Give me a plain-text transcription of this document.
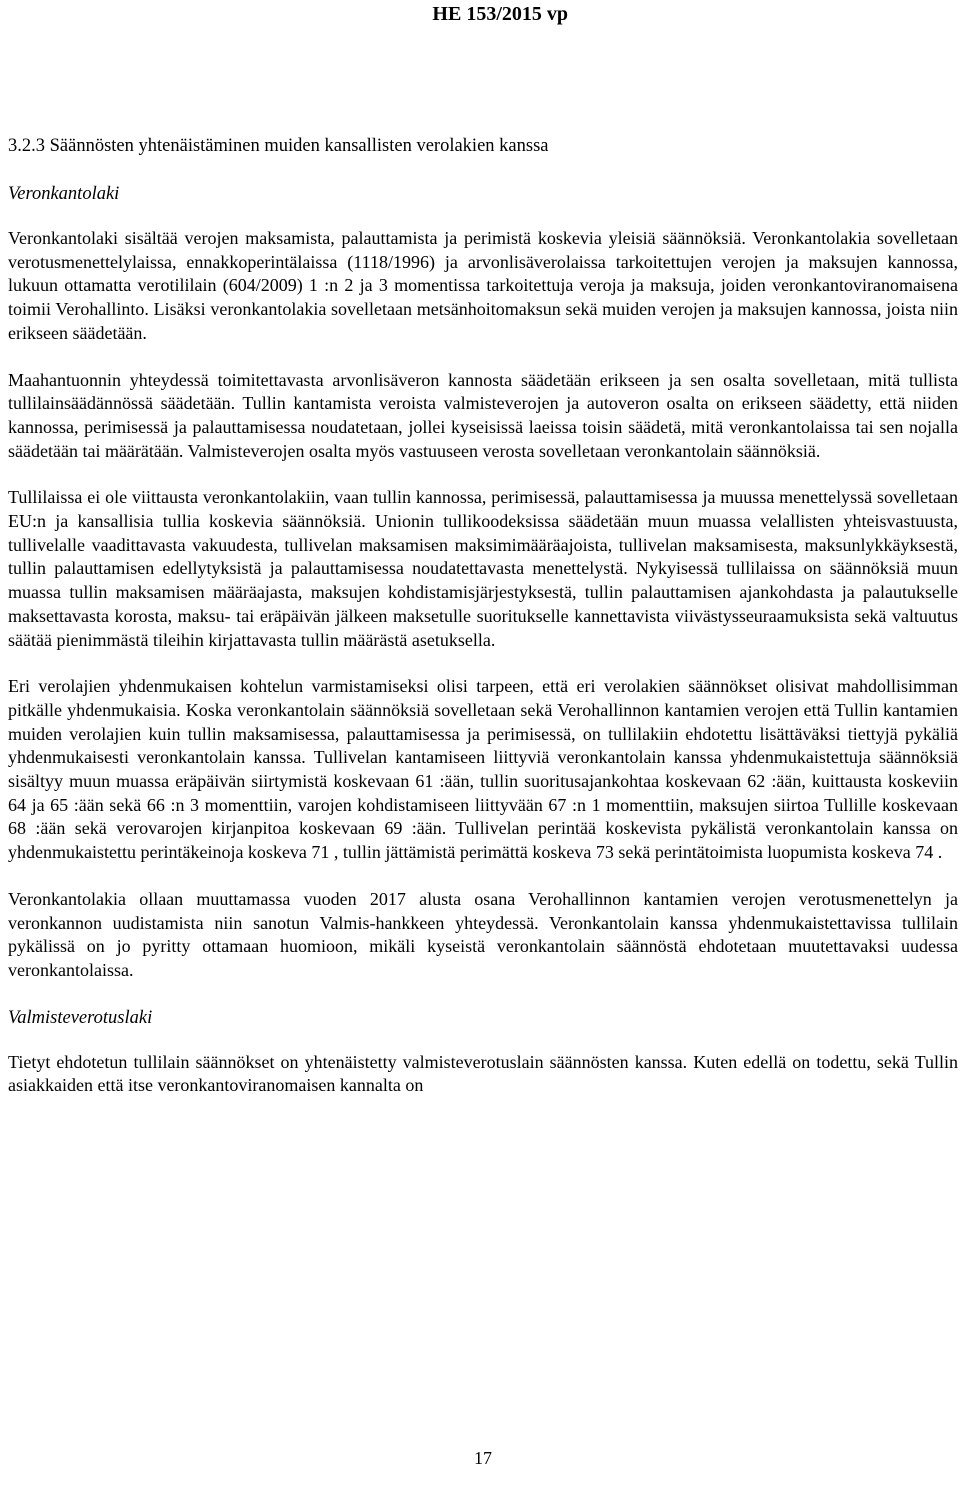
HE 153/2015 vp

3.2.3 Säännösten yhtenäistäminen muiden kansallisten verolakien kanssa
Veronkantolaki

Veronkantolaki sisältää verojen maksamista, palauttamista ja perimistä koskevia yleisiä säännöksiä. Veronkantolakia sovelletaan verotusmenettelylaissa, ennakkoperintälaissa (1118/1996) ja arvonlisäverolaissa tarkoitettujen verojen ja maksujen kannossa, lukuun ottamatta verotililain (604/2009) 1 :n 2 ja 3 momentissa tarkoitettuja veroja ja maksuja, joiden veronkantoviranomaisena toimii Verohallinto. Lisäksi veronkantolakia sovelletaan metsänhoitomaksun sekä muiden verojen ja maksujen kannossa, joista niin erikseen säädetään.

Maahantuonnin yhteydessä toimitettavasta arvonlisäveron kannosta säädetään erikseen ja sen osalta sovelletaan, mitä tullista tullilainsäädännössä säädetään. Tullin kantamista veroista valmisteverojen ja autoveron osalta on erikseen säädetty, että niiden kannossa, perimisessä ja palauttamisessa noudatetaan, jollei kyseisissä laeissa toisin säädetä, mitä veronkantolaissa tai sen nojalla säädetään tai määrätään. Valmisteverojen osalta myös vastuuseen verosta sovelletaan veronkantolain säännöksiä.

Tullilaissa ei ole viittausta veronkantolakiin, vaan tullin kannossa, perimisessä, palauttamisessa ja muussa menettelyssä sovelletaan EU:n ja kansallisia tullia koskevia säännöksiä. Unionin tullikoodeksissa säädetään muun muassa velallisten yhteisvastuusta, tullivelalle vaadittavasta vakuudesta, tullivelan maksamisen maksimimääräajoista, tullivelan maksamisesta, maksunlykkäyksestä, tullin palauttamisen edellytyksistä ja palauttamisessa noudatettavasta menettelystä. Nykyisessä tullilaissa on säännöksiä muun muassa tullin maksamisen määräajasta, maksujen kohdistamisjärjestyksestä, tullin palauttamisen ajankohdasta ja palautukselle maksettavasta korosta, maksu- tai eräpäivän jälkeen maksetulle suoritukselle kannettavista viivästysseuraamuksista sekä valtuutus säätää pienimmästä tileihin kirjattavasta tullin määrästä asetuksella.

Eri verolajien yhdenmukaisen kohtelun varmistamiseksi olisi tarpeen, että eri verolakien säännökset olisivat mahdollisimman pitkälle yhdenmukaisia. Koska veronkantolain säännöksiä sovelletaan sekä Verohallinnon kantamien verojen että Tullin kantamien muiden verolajien kuin tullin maksamisessa, palauttamisessa ja perimisessä, on tullilakiin ehdotettu lisättäväksi tiettyjä pykäliä yhdenmukaisesti veronkantolain kanssa. Tullivelan kantamiseen liittyviä veronkantolain kanssa yhdenmukaistettuja säännöksiä sisältyy muun muassa eräpäivän siirtymistä koskevaan 61 :ään, tullin suoritusajankohtaa koskevaan 62 :ään, kuittausta koskeviin 64 ja 65 :ään sekä 66 :n 3 momenttiin, varojen kohdistamiseen liittyvään 67 :n 1 momenttiin, maksujen siirtoa Tullille koskevaan 68 :ään sekä verovarojen kirjanpitoa koskevaan 69 :ään. Tullivelan perintää koskevista pykälistä veronkantolain kanssa on yhdenmukaistettu perintäkeinoja koskeva 71 , tullin jättämistä perimättä koskeva 73 sekä perintätoimista luopumista koskeva 74 .

Veronkantolakia ollaan muuttamassa vuoden 2017 alusta osana Verohallinnon kantamien verojen verotusmenettelyn ja veronkannon uudistamista niin sanotun Valmis-hankkeen yhteydessä. Veronkantolain kanssa yhdenmukaistettavissa tullilain pykälissä on jo pyritty ottamaan huomioon, mikäli kyseistä veronkantolain säännöstä ehdotetaan muutettavaksi uudessa veronkantolaissa.

Valmisteverotuslaki

Tietyt ehdotetun tullilain säännökset on yhtenäistetty valmisteverotuslain säännösten kanssa. Kuten edellä on todettu, sekä Tullin asiakkaiden että itse veronkantoviranomaisen kannalta on

17
